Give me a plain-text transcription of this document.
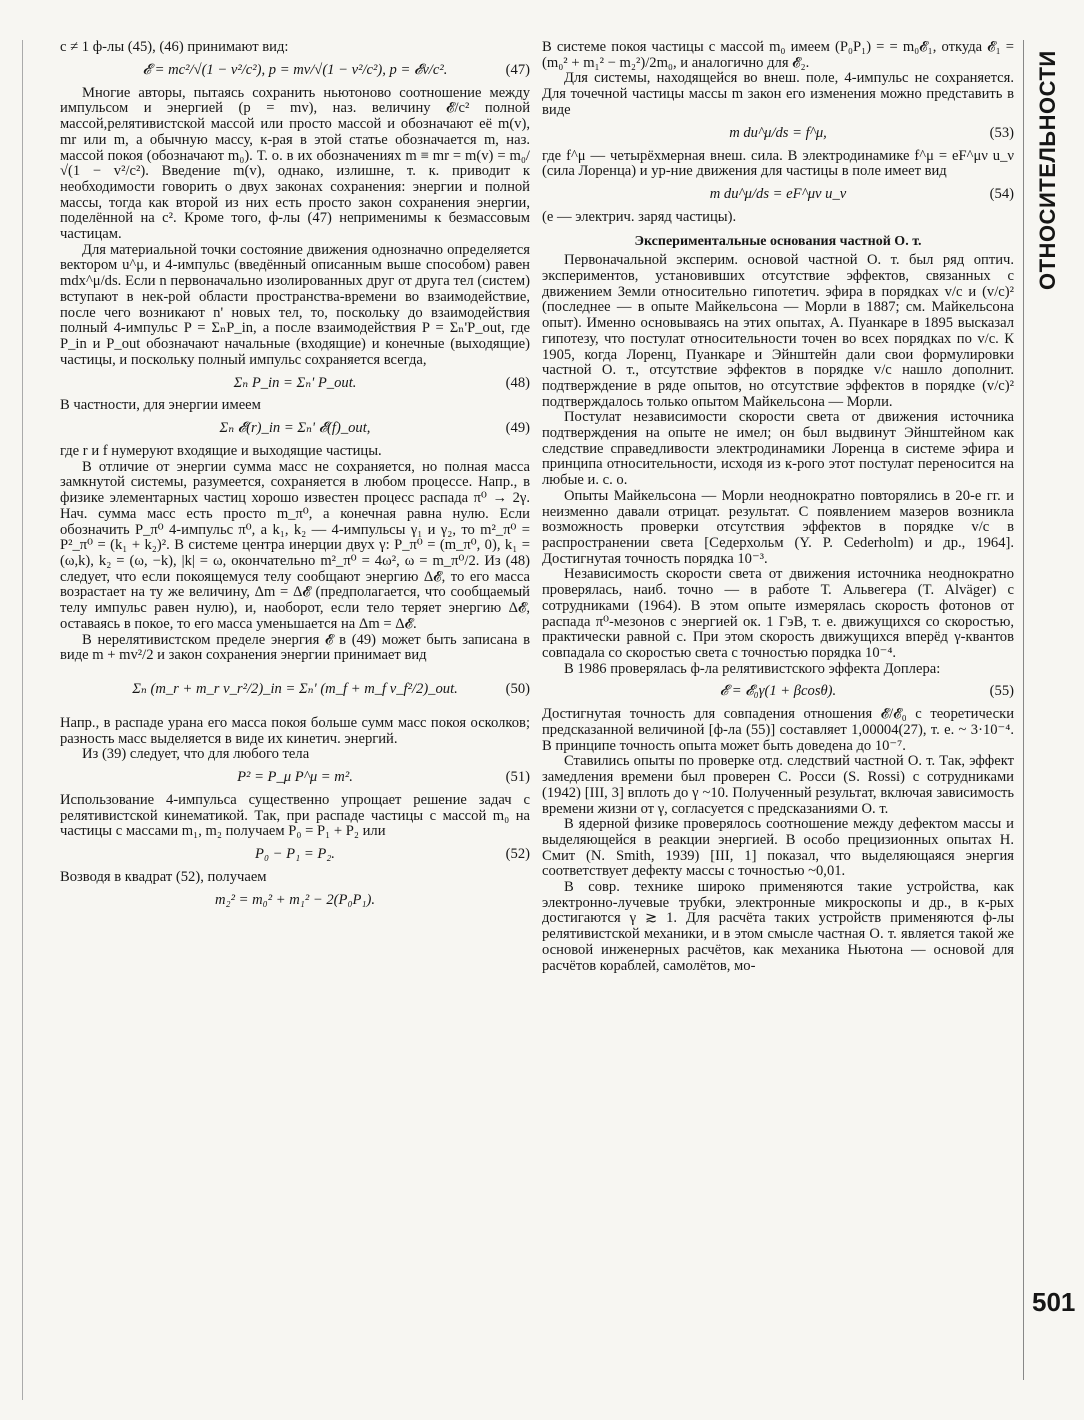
c ≠ 1 ф-лы (45), (46) принимают вид:

𝓔 = mc²/√(1 − v²/c²), p = mv/√(1 − v²/c²), p = 𝓔v/c².	(47)

Многие авторы, пытаясь сохранить ньютоново соотношение между импульсом и энергией (p = mv), наз. величину 𝓔/c² полной массой,релятивистской массой или просто массой и обозначают её m(v), mr или m, а обычную массу, к-рая в этой статье обозначается m, наз. массой покоя (обозначают m₀). Т. о. в их обозначениях m ≡ mr = m(v) = m₀/√(1 − v²/c²). Введение m(v), однако, излишне, т. к. приводит к необходимости говорить о двух законах сохранения: энергии и полной массы, тогда как второй из них есть просто закон сохранения энергии, поделённой на c². Кроме того, ф-лы (47) неприменимы к безмассовым частицам.

Для материальной точки состояние движения однозначно определяется вектором u^μ, и 4-импульс (введённый описанным выше способом) равен mdx^μ/ds. Если n первоначально изолированных друг от друга тел (систем) вступают в нек-рой области пространства-времени во взаимодействие, после чего возникают n' новых тел, то, поскольку до взаимодействия полный 4-импульс P = ΣₙP_in, а после взаимодействия P = Σₙ'P_out, где P_in и P_out обозначают начальные (входящие) и конечные (выходящие) частицы, и поскольку полный импульс сохраняется всегда,

Σₙ P_in = Σₙ' P_out.	(48)

В частности, для энергии имеем

Σₙ 𝓔(r)_in = Σₙ' 𝓔(f)_out,	(49)

где r и f нумеруют входящие и выходящие частицы.

В отличие от энергии сумма масс не сохраняется, но полная масса замкнутой системы, разумеется, сохраняется в любом процессе. Напр., в физике элементарных частиц хорошо известен процесс распада π⁰ → 2γ. Нач. сумма масс есть просто m_π⁰, а конечная равна нулю. Если обозначить P_π⁰ 4-импульс π⁰, а k₁, k₂ — 4-импульсы γ₁ и γ₂, то m²_π⁰ = P²_π⁰ = (k₁ + k₂)². В системе центра инерции двух γ: P_π⁰ = (m_π⁰, 0), k₁ = (ω,k), k₂ = (ω, −k), |k| = ω, окончательно m²_π⁰ = 4ω², ω = m_π⁰/2. Из (48) следует, что если покоящемуся телу сообщают энергию Δ𝓔, то его масса возрастает на ту же величину, Δm = Δ𝓔 (предполагается, что сообщаемый телу импульс равен нулю), и, наоборот, если тело теряет энергию Δ𝓔, оставаясь в покое, то его масса уменьшается на Δm = Δ𝓔.

В нерелятивистском пределе энергия 𝓔 в (49) может быть записана в виде m + mv²/2 и закон сохранения энергии принимает вид

Σₙ (m_r + m_r v_r²/2)_in = Σₙ' (m_f + m_f v_f²/2)_out.	(50)

Напр., в распаде урана его масса покоя больше сумм масс покоя осколков; разность масс выделяется в виде их кинетич. энергий.

Из (39) следует, что для любого тела

P² = P_μ P^μ = m².	(51)

Использование 4-импульса существенно упрощает решение задач с релятивистской кинематикой. Так, при распаде частицы с массой m₀ на частицы с массами m₁, m₂ получаем P₀ = P₁ + P₂ или

P₀ − P₁ = P₂.	(52)

Возводя в квадрат (52), получаем

m₂² = m₀² + m₁² − 2(P₀P₁).

В системе покоя частицы с массой m₀ имеем (P₀P₁) = = m₀𝓔₁, откуда 𝓔₁ = (m₀² + m₁² − m₂²)/2m₀, и аналогично для 𝓔₂.

Для системы, находящейся во внеш. поле, 4-импульс не сохраняется. Для точечной частицы массы m закон его изменения можно представить в виде

m du^μ/ds = f^μ,	(53)

где f^μ — четырёхмерная внеш. сила. В электродинамике f^μ = eF^μν u_ν (сила Лоренца) и ур-ние движения для частицы в поле имеет вид

m du^μ/ds = eF^μν u_ν	(54)

(e — электрич. заряд частицы).

Экспериментальные основания частной О. т.

Первоначальной эксперим. основой частной О. т. был ряд оптич. экспериментов, установивших отсутствие эффектов, связанных с движением Земли относительно гипотетич. эфира в порядках v/c и (v/c)² (последнее — в опыте Майкельсона — Морли в 1887; см. Майкельсона опыт). Именно основываясь на этих опытах, А. Пуанкаре в 1895 высказал гипотезу, что постулат относительности точен во всех порядках по v/c. К 1905, когда Лоренц, Пуанкаре и Эйнштейн дали свои формулировки частной О. т., отсутствие эффектов в порядке v/c нашло дополнит. подтверждение в ряде опытов, но отсутствие эффектов в порядке (v/c)² подтверждалось только опытом Майкельсона — Морли.

Постулат независимости скорости света от движения источника подтверждения на опыте не имел; он был выдвинут Эйнштейном как следствие справедливости электродинамики Лоренца в системе эфира и принципа относительности, исходя из к-рого этот постулат переносится на любые и. с. о.

Опыты Майкельсона — Морли неоднократно повторялись в 20-е гг. и неизменно давали отрицат. результат. С появлением мазеров возникла возможность проверки отсутствия эффектов в порядке v/c в распространении света [Седерхольм (Y. P. Cederholm) и др., 1964]. Достигнутая точность порядка 10⁻³.

Независимость скорости света от движения источника неоднократно проверялась, наиб. точно — в работе Т. Альвегера (T. Alväger) с сотрудниками (1964). В этом опыте измерялась скорость фотонов от распада π⁰-мезонов с энергией ок. 1 ГэВ, т. е. движущихся со скоростью, практически равной c. При этом скорость движущихся вперёд γ-квантов совпадала со скоростью света с точностью порядка 10⁻⁴.

В 1986 проверялась ф-ла релятивистского эффекта Доплера:

𝓔 = 𝓔₀γ(1 + βcosθ).	(55)

Достигнутая точность для совпадения отношения 𝓔/𝓔₀ с теоретически предсказанной величиной [ф-ла (55)] составляет 1,00004(27), т. е. ~ 3·10⁻⁴. В принципе точность опыта может быть доведена до 10⁻⁷.

Ставились опыты по проверке отд. следствий частной О. т. Так, эффект замедления времени был проверен С. Росси (S. Rossi) с сотрудниками (1942) [III, 3] вплоть до γ ~10. Полученный результат, включая зависимость времени жизни от γ, согласуется с предсказаниями О. т.

В ядерной физике проверялось соотношение между дефектом массы и выделяющейся в реакции энергией. В особо прецизионных опытах Н. Смит (N. Smith, 1939) [III, 1] показал, что выделяющаяся энергия соответствует дефекту массы с точностью ~0,01.

В совр. технике широко применяются такие устройства, как электронно-лучевые трубки, электронные микроскопы и др., в к-рых достигаются γ ≳ 1. Для расчёта таких устройств применяются ф-лы релятивистской механики, и в этом смысле частная О. т. является такой же основой инженерных расчётов, как механика Ньютона — основой для расчётов кораблей, самолётов, мо-

ОТНОСИТЕЛЬНОСТИ
501
